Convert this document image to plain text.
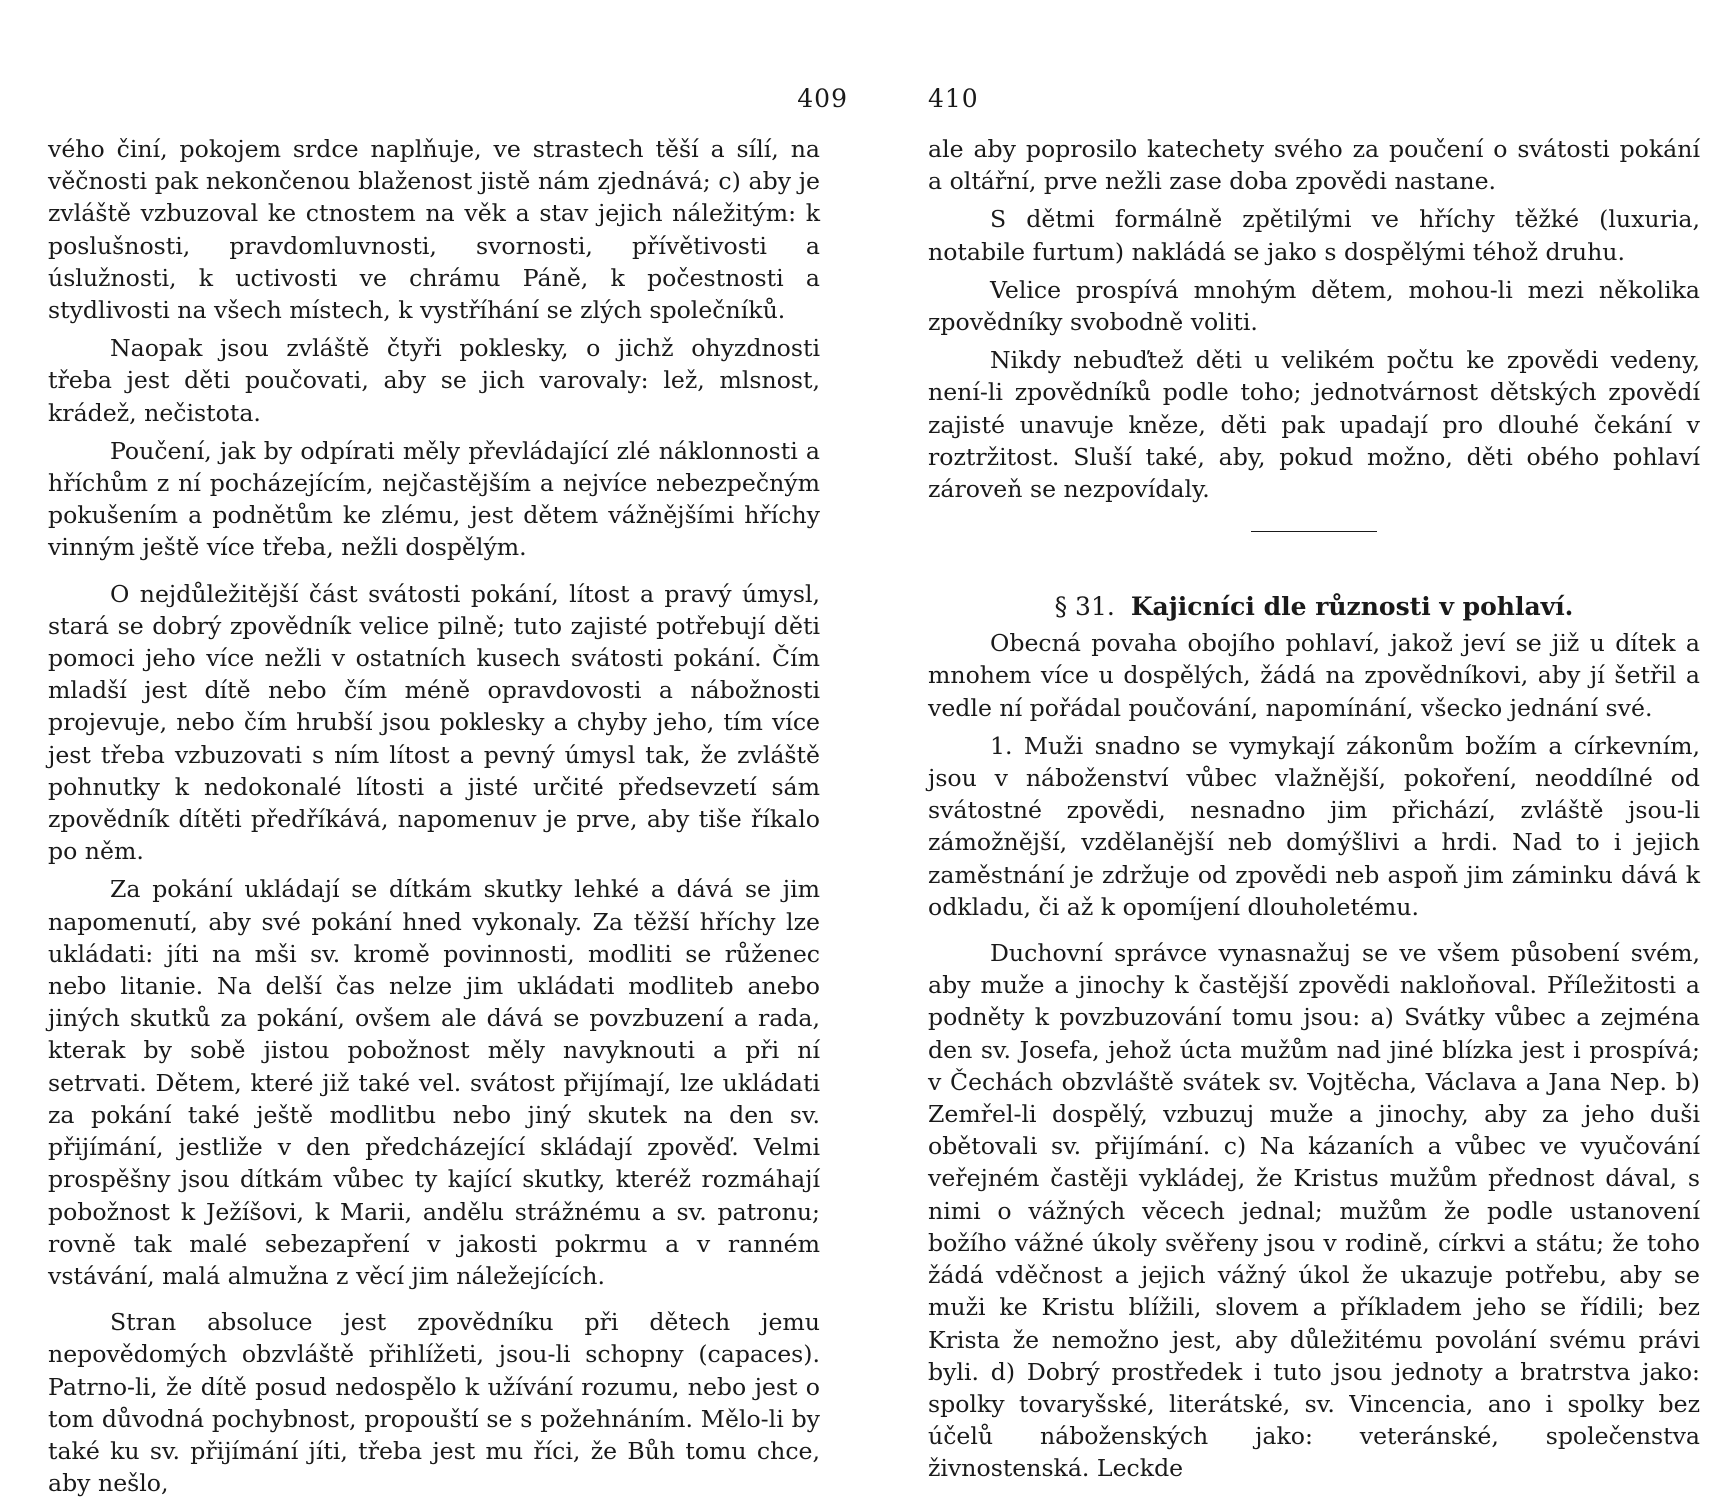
409

vého činí, pokojem srdce naplňuje, ve strastech těší a sílí, na věčnosti pak nekončenou blaženost jistě nám zjednává; c) aby je zvláště vzbuzoval ke ctnostem na věk a stav jejich náležitým: k poslušnosti, pravdomluvnosti, svornosti, přívětivosti a úslužnosti, k uctivosti ve chrámu Páně, k počestnosti a stydlivosti na všech místech, k vystříhání se zlých společníků.

Naopak jsou zvláště čtyři poklesky, o jichž ohyzdnosti třeba jest děti poučovati, aby se jich varovaly: lež, mlsnost, krádež, nečistota.

Poučení, jak by odpírati měly převládající zlé náklonnosti a hříchům z ní pocházejícím, nejčastějším a nejvíce nebezpečným pokušením a podnětům ke zlému, jest dětem vážnějšími hříchy vinným ještě více třeba, nežli dospělým.

O nejdůležitější část svátosti pokání, lítost a pravý úmysl, stará se dobrý zpovědník velice pilně; tuto zajisté potřebují děti pomoci jeho více nežli v ostatních kusech svátosti pokání. Čím mladší jest dítě nebo čím méně opravdovosti a nábožnosti projevuje, nebo čím hrubší jsou poklesky a chyby jeho, tím více jest třeba vzbuzovati s ním lítost a pevný úmysl tak, že zvláště pohnutky k nedokonalé lítosti a jisté určité předsevzetí sám zpovědník dítěti předříkává, napomenuv je prve, aby tiše říkalo po něm.

Za pokání ukládají se dítkám skutky lehké a dává se jim napomenutí, aby své pokání hned vykonaly. Za těžší hříchy lze ukládati: jíti na mši sv. kromě povinnosti, modliti se růženec nebo litanie. Na delší čas nelze jim ukládati modliteb anebo jiných skutků za pokání, ovšem ale dává se povzbuzení a rada, kterak by sobě jistou pobožnost měly navyknouti a při ní setrvati. Dětem, které již také vel. svátost přijímají, lze ukládati za pokání také ještě modlitbu nebo jiný skutek na den sv. přijímání, jestliže v den předcházející skládají zpověď. Velmi prospěšny jsou dítkám vůbec ty kající skutky, kteréž rozmáhají pobožnost k Ježíšovi, k Marii, andělu strážnému a sv. patronu; rovně tak malé sebezapření v jakosti pokrmu a v ranném vstávání, malá almužna z věcí jim náležejících.

Stran absoluce jest zpovědníku při dětech jemu nepovědomých obzvláště přihlížeti, jsou-li schopny (capaces). Patrno-li, že dítě posud nedospělo k užívání rozumu, nebo jest o tom důvodná pochybnost, propouští se s požehnáním. Mělo-li by také ku sv. přijímání jíti, třeba jest mu říci, že Bůh tomu chce, aby nešlo,

410

ale aby poprosilo katechety svého za poučení o svátosti pokání a oltářní, prve nežli zase doba zpovědi nastane.

S dětmi formálně zpětilými ve hříchy těžké (luxuria, notabile furtum) nakládá se jako s dospělými téhož druhu.

Velice prospívá mnohým dětem, mohou-li mezi několika zpovědníky svobodně voliti.

Nikdy nebuďtež děti u velikém počtu ke zpovědi vedeny, není-li zpovědníků podle toho; jednotvárnost dětských zpovědí zajisté unavuje kněze, děti pak upadají pro dlouhé čekání v roztržitost. Sluší také, aby, pokud možno, děti obého pohlaví zároveň se nezpovídaly.

§ 31. Kajicníci dle různosti v pohlaví.

Obecná povaha obojího pohlaví, jakož jeví se již u dítek a mnohem více u dospělých, žádá na zpovědníkovi, aby jí šetřil a vedle ní pořádal poučování, napomínání, všecko jednání své.

1. Muži snadno se vymykají zákonům božím a církevním, jsou v náboženství vůbec vlažnější, pokoření, neoddílné od svátostné zpovědi, nesnadno jim přichází, zvláště jsou-li zámožnější, vzdělanější neb domýšlivi a hrdi. Nad to i jejich zaměstnání je zdržuje od zpovědi neb aspoň jim záminku dává k odkladu, či až k opomíjení dlouholetému.

Duchovní správce vynasnažuj se ve všem působení svém, aby muže a jinochy k častější zpovědi nakloňoval. Příležitosti a podněty k povzbuzování tomu jsou: a) Svátky vůbec a zejména den sv. Josefa, jehož úcta mužům nad jiné blízka jest i prospívá; v Čechách obzvláště svátek sv. Vojtěcha, Václava a Jana Nep. b) Zemřel-li dospělý, vzbuzuj muže a jinochy, aby za jeho duši obětovali sv. přijímání. c) Na kázaních a vůbec ve vyučování veřejném častěji vykládej, že Kristus mužům přednost dával, s nimi o vážných věcech jednal; mužům že podle ustanovení božího vážné úkoly svěřeny jsou v rodině, církvi a státu; že toho žádá vděčnost a jejich vážný úkol že ukazuje potřebu, aby se muži ke Kristu blížili, slovem a příkladem jeho se řídili; bez Krista že nemožno jest, aby důležitému povolání svému právi byli. d) Dobrý prostředek i tuto jsou jednoty a bratrstva jako: spolky tovaryšské, literátské, sv. Vincencia, ano i spolky bez účelů náboženských jako: veteránské, společenstva živnostenská. Leckde
